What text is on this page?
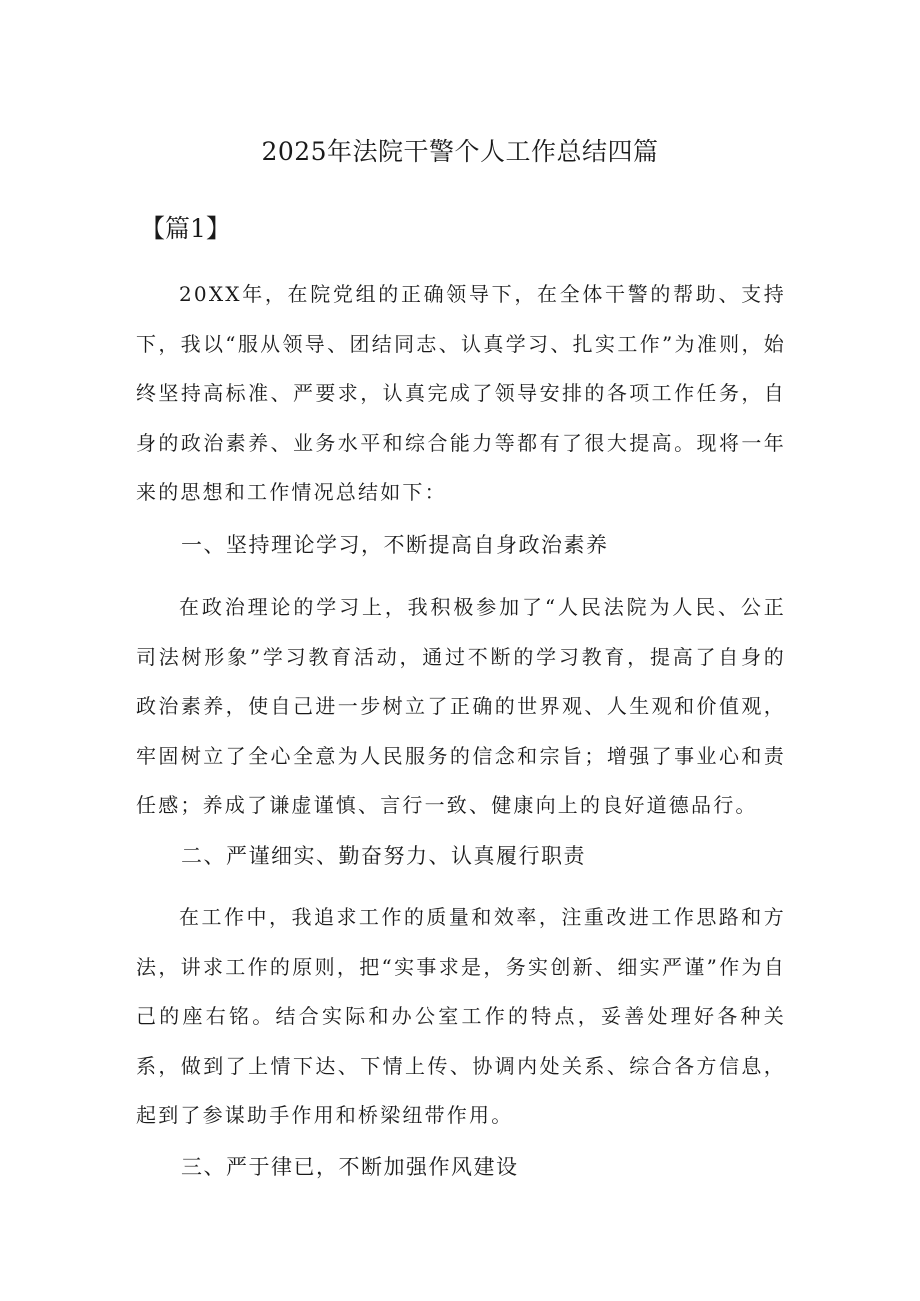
2025年法院干警个人工作总结四篇
【篇1】

20XX年，在院党组的正确领导下，在全体干警的帮助、支持下，我以“服从领导、团结同志、认真学习、扎实工作”为准则，始终坚持高标准、严要求，认真完成了领导安排的各项工作任务，自身的政治素养、业务水平和综合能力等都有了很大提高。现将一年来的思想和工作情况总结如下：

一、坚持理论学习，不断提高自身政治素养

在政治理论的学习上，我积极参加了“人民法院为人民、公正司法树形象”学习教育活动，通过不断的学习教育，提高了自身的政治素养，使自己进一步树立了正确的世界观、人生观和价值观，牢固树立了全心全意为人民服务的信念和宗旨；增强了事业心和责任感；养成了谦虚谨慎、言行一致、健康向上的良好道德品行。

二、严谨细实、勤奋努力、认真履行职责

在工作中，我追求工作的质量和效率，注重改进工作思路和方法，讲求工作的原则，把“实事求是，务实创新、细实严谨”作为自己的座右铭。结合实际和办公室工作的特点，妥善处理好各种关系，做到了上情下达、下情上传、协调内处关系、综合各方信息，起到了参谋助手作用和桥梁纽带作用。

三、严于律已，不断加强作风建设
